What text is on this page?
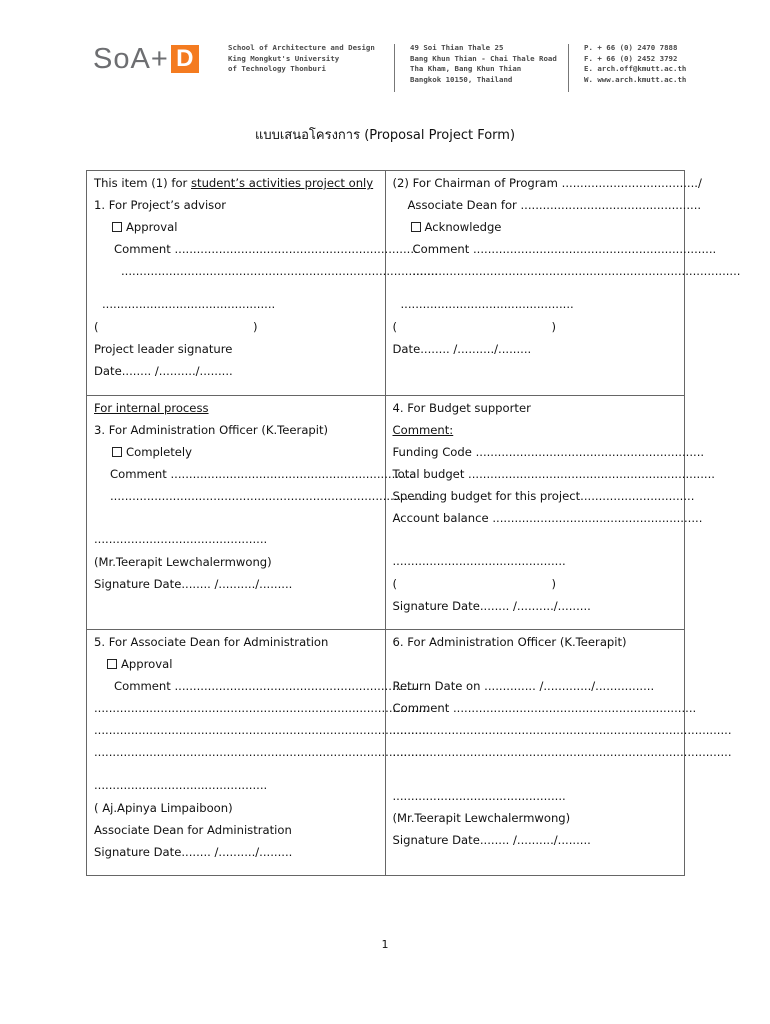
SoA + D	School of Architecture and Design
King Mongkut's University
of Technology Thonburi
49 Soi Thian Thale 25
Bang Khun Thian - Chai Thale Road
Tha Kham, Bang Khun Thian
Bangkok 10150, Thailand
P. + 66 (0) 2470 7888
F. + 66 (0) 2452 3792
E. arch.off@kmutt.ac.th
W. www.arch.kmutt.ac.th
แบบเสนอโครงการ (Proposal Project Form)
This item (1) for student’s activities project only
1. For Project’s advisor
Approval
Comment ..................................................................
......................................................................................
...............................................
(	)
Project leader signature
Date........ /........../.........
(2) For Chairman of Program ...................................../
Associate Dean for .................................................
Acknowledge
Comment ..................................................................
.........................................................................................
...............................................
(	)
Date........ /........../.........
For internal process
3. For Administration Officer (K.Teerapit)
Completely
Comment ..................................................................
........................................................................................
...............................................
(Mr.Teerapit Lewchalermwong)
Signature Date........ /........../.........
4. For Budget supporter
Comment:
Funding Code ..............................................................
Total budget ...................................................................
Spending budget for this project...............................
Account balance .........................................................
...............................................
(	)
Signature Date........ /........../.........
5. For Associate Dean for Administration
Approval
Comment ..................................................................
...........................................................................................
...........................................................................................
...........................................................................................
...............................................
( Aj.Apinya Limpaiboon)
Associate Dean for Administration
Signature Date........ /........../.........
6. For Administration Officer (K.Teerapit)
Return Date on .............. /............./................
Comment ..................................................................
............................................................................................
............................................................................................
...............................................
(Mr.Teerapit Lewchalermwong)
Signature Date........ /........../.........
1
